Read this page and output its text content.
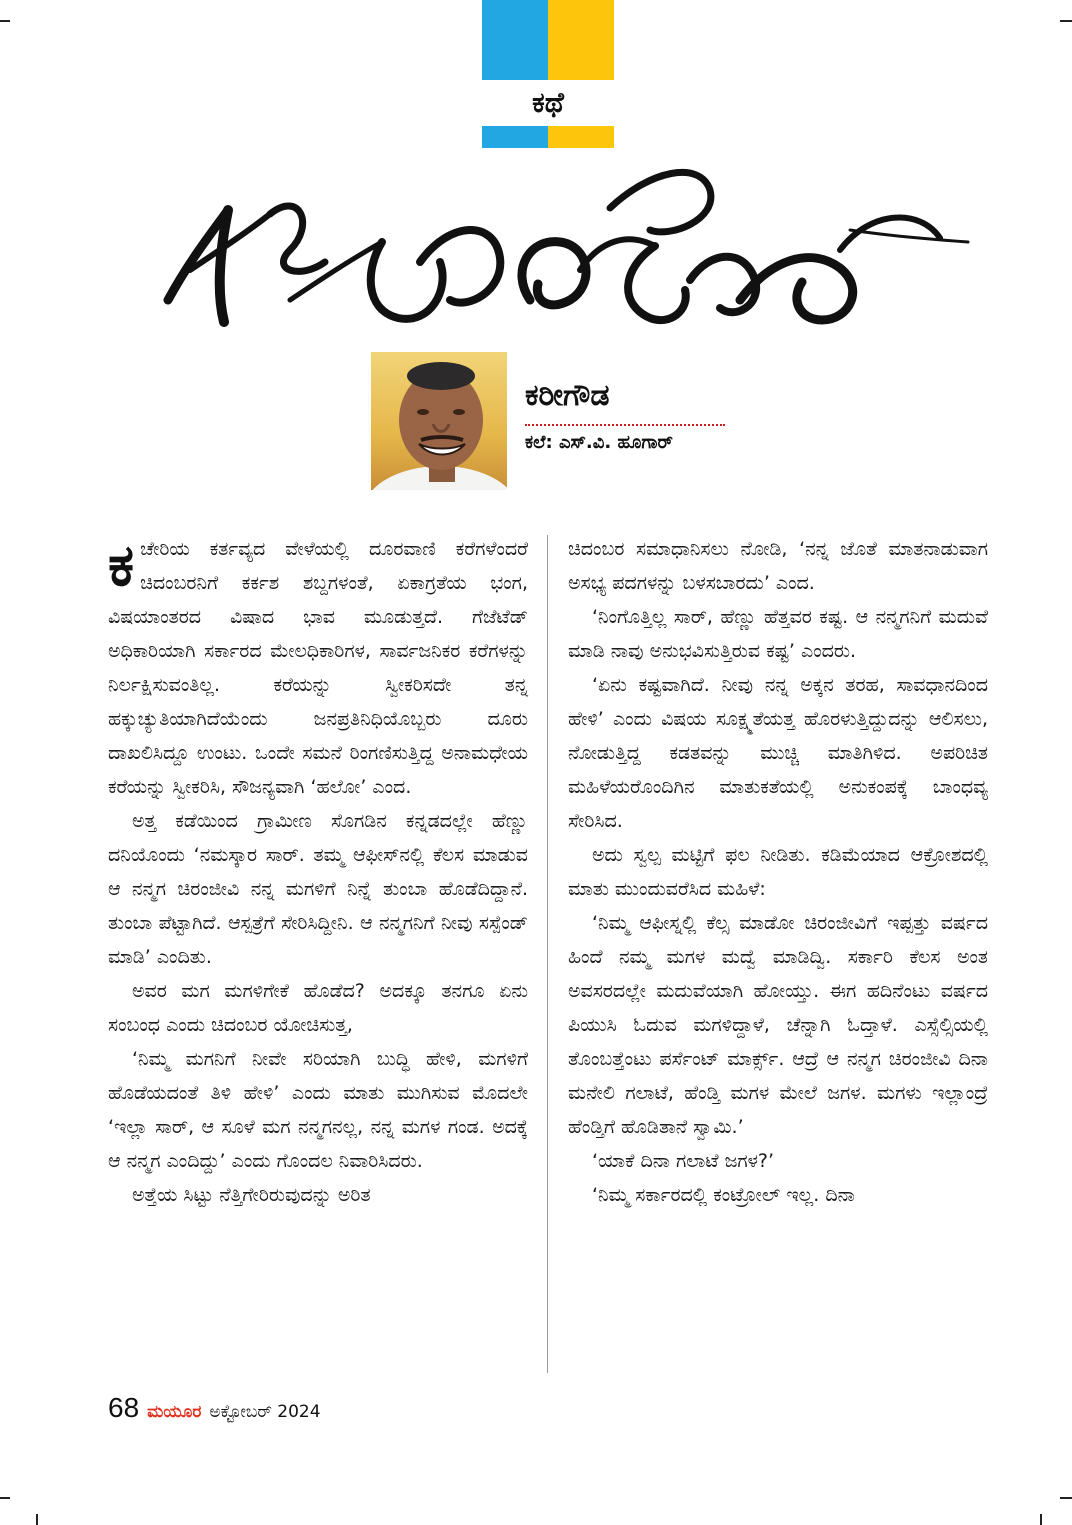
ಕಥೆ
ಕರೀಗೌಡ
ಕಲೆ: ಎಸ್.ವಿ. ಹೂಗಾರ್

ಕಚೇರಿಯ ಕರ್ತವ್ಯದ ವೇಳೆಯಲ್ಲಿ ದೂರವಾಣಿ ಕರೆಗಳೆಂದರೆ ಚಿದಂಬರನಿಗೆ ಕರ್ಕಶ ಶಬ್ದಗಳಂತೆ, ಏಕಾಗ್ರತೆಯ ಭಂಗ, ವಿಷಯಾಂತರದ ವಿಷಾದ ಭಾವ ಮೂಡುತ್ತದೆ. ಗೆಜೆಟೆಡ್ ಅಧಿಕಾರಿಯಾಗಿ ಸರ್ಕಾರದ ಮೇಲಧಿಕಾರಿಗಳ, ಸಾರ್ವಜನಿಕರ ಕರೆಗಳನ್ನು ನಿರ್ಲಕ್ಷಿಸುವಂತಿಲ್ಲ. ಕರೆಯನ್ನು ಸ್ವೀಕರಿಸದೇ ತನ್ನ ಹಕ್ಕುಚ್ಯುತಿಯಾಗಿದೆಯೆಂದು ಜನಪ್ರತಿನಿಧಿಯೊಬ್ಬರು ದೂರು ದಾಖಲಿಸಿದ್ದೂ ಉಂಟು. ಒಂದೇ ಸಮನೆ ರಿಂಗಣಿಸುತ್ತಿದ್ದ ಅನಾಮಧೇಯ ಕರೆಯನ್ನು ಸ್ವೀಕರಿಸಿ, ಸೌಜನ್ಯವಾಗಿ ‘ಹಲೋ’ ಎಂದ.

ಅತ್ತ ಕಡೆಯಿಂದ ಗ್ರಾಮೀಣ ಸೊಗಡಿನ ಕನ್ನಡದಲ್ಲೇ ಹೆಣ್ಣು ದನಿಯೊಂದು ‘ನಮಸ್ಕಾರ ಸಾರ್. ತಮ್ಮ ಆಫೀಸ್‌ನಲ್ಲಿ ಕೆಲಸ ಮಾಡುವ ಆ ನನ್ಮಗ ಚಿರಂಜೀವಿ ನನ್ನ ಮಗಳಿಗೆ ನಿನ್ನೆ ತುಂಬಾ ಹೊಡೆದಿದ್ದಾನೆ. ತುಂಬಾ ಪೆಟ್ಟಾಗಿದೆ. ಆಸ್ಪತ್ರೆಗೆ ಸೇರಿಸಿದ್ದೀನಿ. ಆ ನನ್ಮಗನಿಗೆ ನೀವು ಸಸ್ಪೆಂಡ್ ಮಾಡಿ’ ಎಂದಿತು.

ಅವರ ಮಗ ಮಗಳಿಗೇಕೆ ಹೊಡೆದ? ಅದಕ್ಕೂ ತನಗೂ ಏನು ಸಂಬಂಧ ಎಂದು ಚಿದಂಬರ ಯೋಚಿಸುತ್ತ,

‘ನಿಮ್ಮ ಮಗನಿಗೆ ನೀವೇ ಸರಿಯಾಗಿ ಬುದ್ಧಿ ಹೇಳಿ, ಮಗಳಿಗೆ ಹೊಡೆಯದಂತೆ ತಿಳಿ ಹೇಳಿ’ ಎಂದು ಮಾತು ಮುಗಿಸುವ ಮೊದಲೇ ‘ಇಲ್ಲಾ ಸಾರ್, ಆ ಸೂಳೆ ಮಗ ನನ್ಮಗನಲ್ಲ, ನನ್ನ ಮಗಳ ಗಂಡ. ಅದಕ್ಕೆ ಆ ನನ್ಮಗ ಎಂದಿದ್ದು’ ಎಂದು ಗೊಂದಲ ನಿವಾರಿಸಿದರು.

ಅತ್ತೆಯ ಸಿಟ್ಟು ನೆತ್ತಿಗೇರಿರುವುದನ್ನು ಅರಿತ

ಚಿದಂಬರ ಸಮಾಧಾನಿಸಲು ನೋಡಿ, ‘ನನ್ನ ಜೊತೆ ಮಾತನಾಡುವಾಗ ಅಸಭ್ಯ ಪದಗಳನ್ನು ಬಳಸಬಾರದು’ ಎಂದ.

‘ನಿಂಗೊತ್ತಿಲ್ಲ ಸಾರ್, ಹೆಣ್ಣು ಹೆತ್ತವರ ಕಷ್ಟ. ಆ ನನ್ಮಗನಿಗೆ ಮದುವೆ ಮಾಡಿ ನಾವು ಅನುಭವಿಸುತ್ತಿರುವ ಕಷ್ಟ’ ಎಂದರು.

‘ಏನು ಕಷ್ಟವಾಗಿದೆ. ನೀವು ನನ್ನ ಅಕ್ಕನ ತರಹ, ಸಾವಧಾನದಿಂದ ಹೇಳಿ’ ಎಂದು ವಿಷಯ ಸೂಕ್ಷ್ಮತೆಯತ್ತ ಹೊರಳುತ್ತಿದ್ದುದನ್ನು ಆಲಿಸಲು, ನೋಡುತ್ತಿದ್ದ ಕಡತವನ್ನು ಮುಚ್ಚಿ ಮಾತಿಗಿಳಿದ. ಅಪರಿಚಿತ ಮಹಿಳೆಯರೊಂದಿಗಿನ ಮಾತುಕತೆಯಲ್ಲಿ ಅನುಕಂಪಕ್ಕೆ ಬಾಂಧವ್ಯ ಸೇರಿಸಿದ.

ಅದು ಸ್ವಲ್ಪ ಮಟ್ಟಿಗೆ ಫಲ ನೀಡಿತು. ಕಡಿಮೆಯಾದ ಆಕ್ರೋಶದಲ್ಲಿ ಮಾತು ಮುಂದುವರೆಸಿದ ಮಹಿಳೆ:

‘ನಿಮ್ಮ ಆಫೀಸ್ನಲ್ಲಿ ಕೆಲ್ಸ ಮಾಡೋ ಚಿರಂಜೀವಿಗೆ ಇಪ್ಪತ್ತು ವರ್ಷದ ಹಿಂದೆ ನಮ್ಮ ಮಗಳ ಮದ್ವೆ ಮಾಡಿದ್ವಿ. ಸರ್ಕಾರಿ ಕೆಲಸ ಅಂತ ಅವಸರದಲ್ಲೇ ಮದುವೆಯಾಗಿ ಹೋಯ್ತು. ಈಗ ಹದಿನೆಂಟು ವರ್ಷದ ಪಿಯುಸಿ ಓದುವ ಮಗಳಿದ್ದಾಳೆ, ಚೆನ್ನಾಗಿ ಓದ್ತಾಳೆ. ಎಸ್ಸೆಲ್ಸಿಯಲ್ಲಿ ತೊಂಬತ್ತೆಂಟು ಪರ್ಸೆಂಟ್ ಮಾರ್ಕ್ಸ್. ಆದ್ರೆ ಆ ನನ್ಮಗ ಚಿರಂಜೀವಿ ದಿನಾ ಮನೇಲಿ ಗಲಾಟೆ, ಹೆಂಡ್ತಿ ಮಗಳ ಮೇಲೆ ಜಗಳ. ಮಗಳು ಇಲ್ಲಾಂದ್ರೆ ಹೆಂಡ್ತಿಗೆ ಹೊಡಿತಾನೆ ಸ್ವಾಮಿ.’

‘ಯಾಕೆ ದಿನಾ ಗಲಾಟೆ ಜಗಳ?’

‘ನಿಮ್ಮ ಸರ್ಕಾರದಲ್ಲಿ ಕಂಟ್ರೋಲ್ ಇಲ್ಲ. ದಿನಾ

68 ಮಯೂರ ಅಕ್ಟೋಬರ್ 2024
